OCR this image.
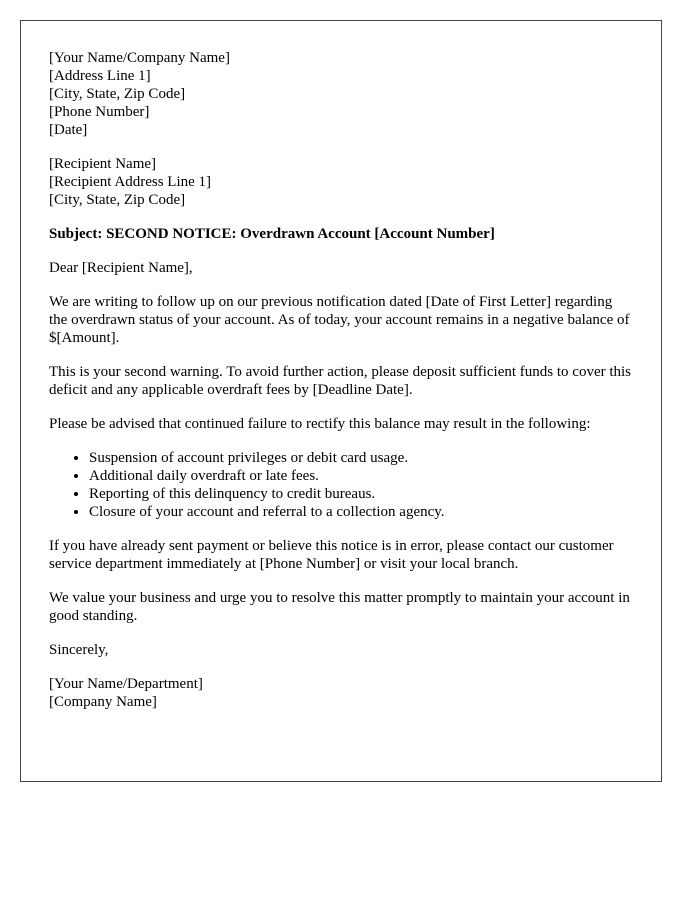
[Your Name/Company Name]
[Address Line 1]
[City, State, Zip Code]
[Phone Number]
[Date]
[Recipient Name]
[Recipient Address Line 1]
[City, State, Zip Code]

Subject: SECOND NOTICE: Overdrawn Account [Account Number]

Dear [Recipient Name],

We are writing to follow up on our previous notification dated [Date of First Letter] regarding the overdrawn status of your account. As of today, your account remains in a negative balance of $[Amount].

This is your second warning. To avoid further action, please deposit sufficient funds to cover this deficit and any applicable overdraft fees by [Deadline Date].

Please be advised that continued failure to rectify this balance may result in the following:

• Suspension of account privileges or debit card usage.
• Additional daily overdraft or late fees.
• Reporting of this delinquency to credit bureaus.
• Closure of your account and referral to a collection agency.

If you have already sent payment or believe this notice is in error, please contact our customer service department immediately at [Phone Number] or visit your local branch.

We value your business and urge you to resolve this matter promptly to maintain your account in good standing.

Sincerely,

[Your Name/Department]
[Company Name]
